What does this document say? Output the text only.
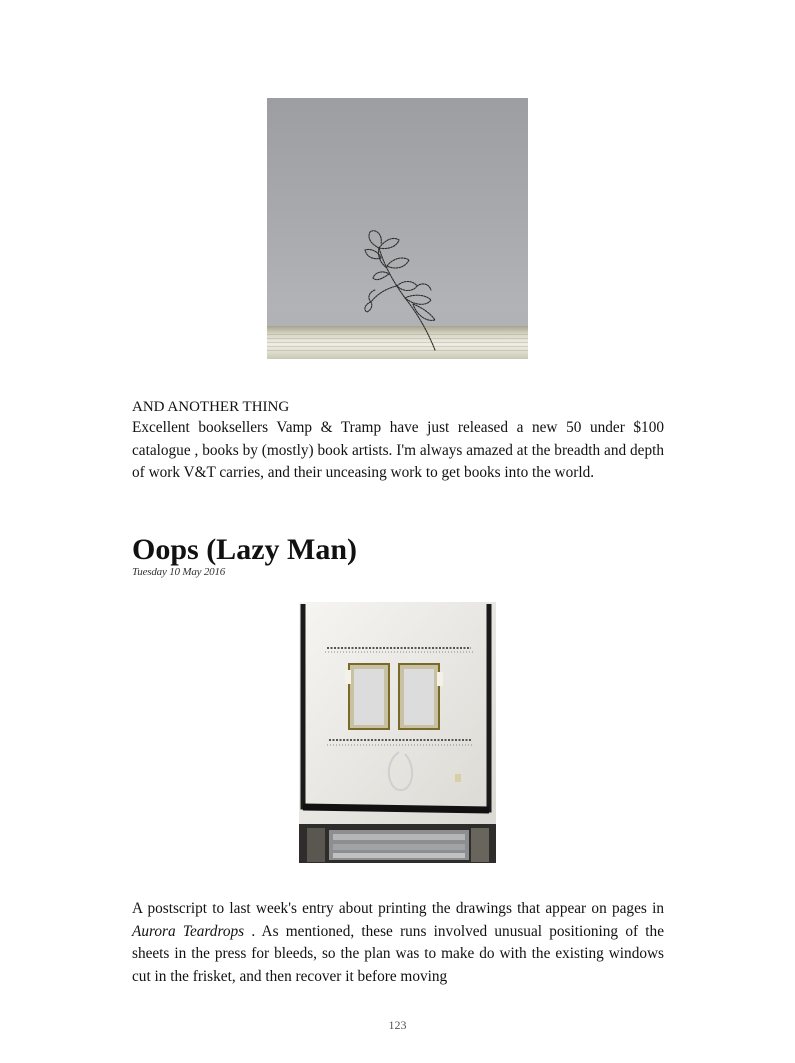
AND ANOTHER THING
Excellent booksellers Vamp & Tramp have just released a new 50 under $100 catalogue , books by (mostly) book artists. I'm always amazed at the breadth and depth of work V&T carries, and their unceasing work to get books into the world.
Oops (Lazy Man)
Tuesday 10 May 2016
A postscript to last week's entry about printing the drawings that appear on pages in Aurora Teardrops . As mentioned, these runs involved unusual positioning of the sheets in the press for bleeds, so the plan was to make do with the existing windows cut in the frisket, and then recover it before moving
123
